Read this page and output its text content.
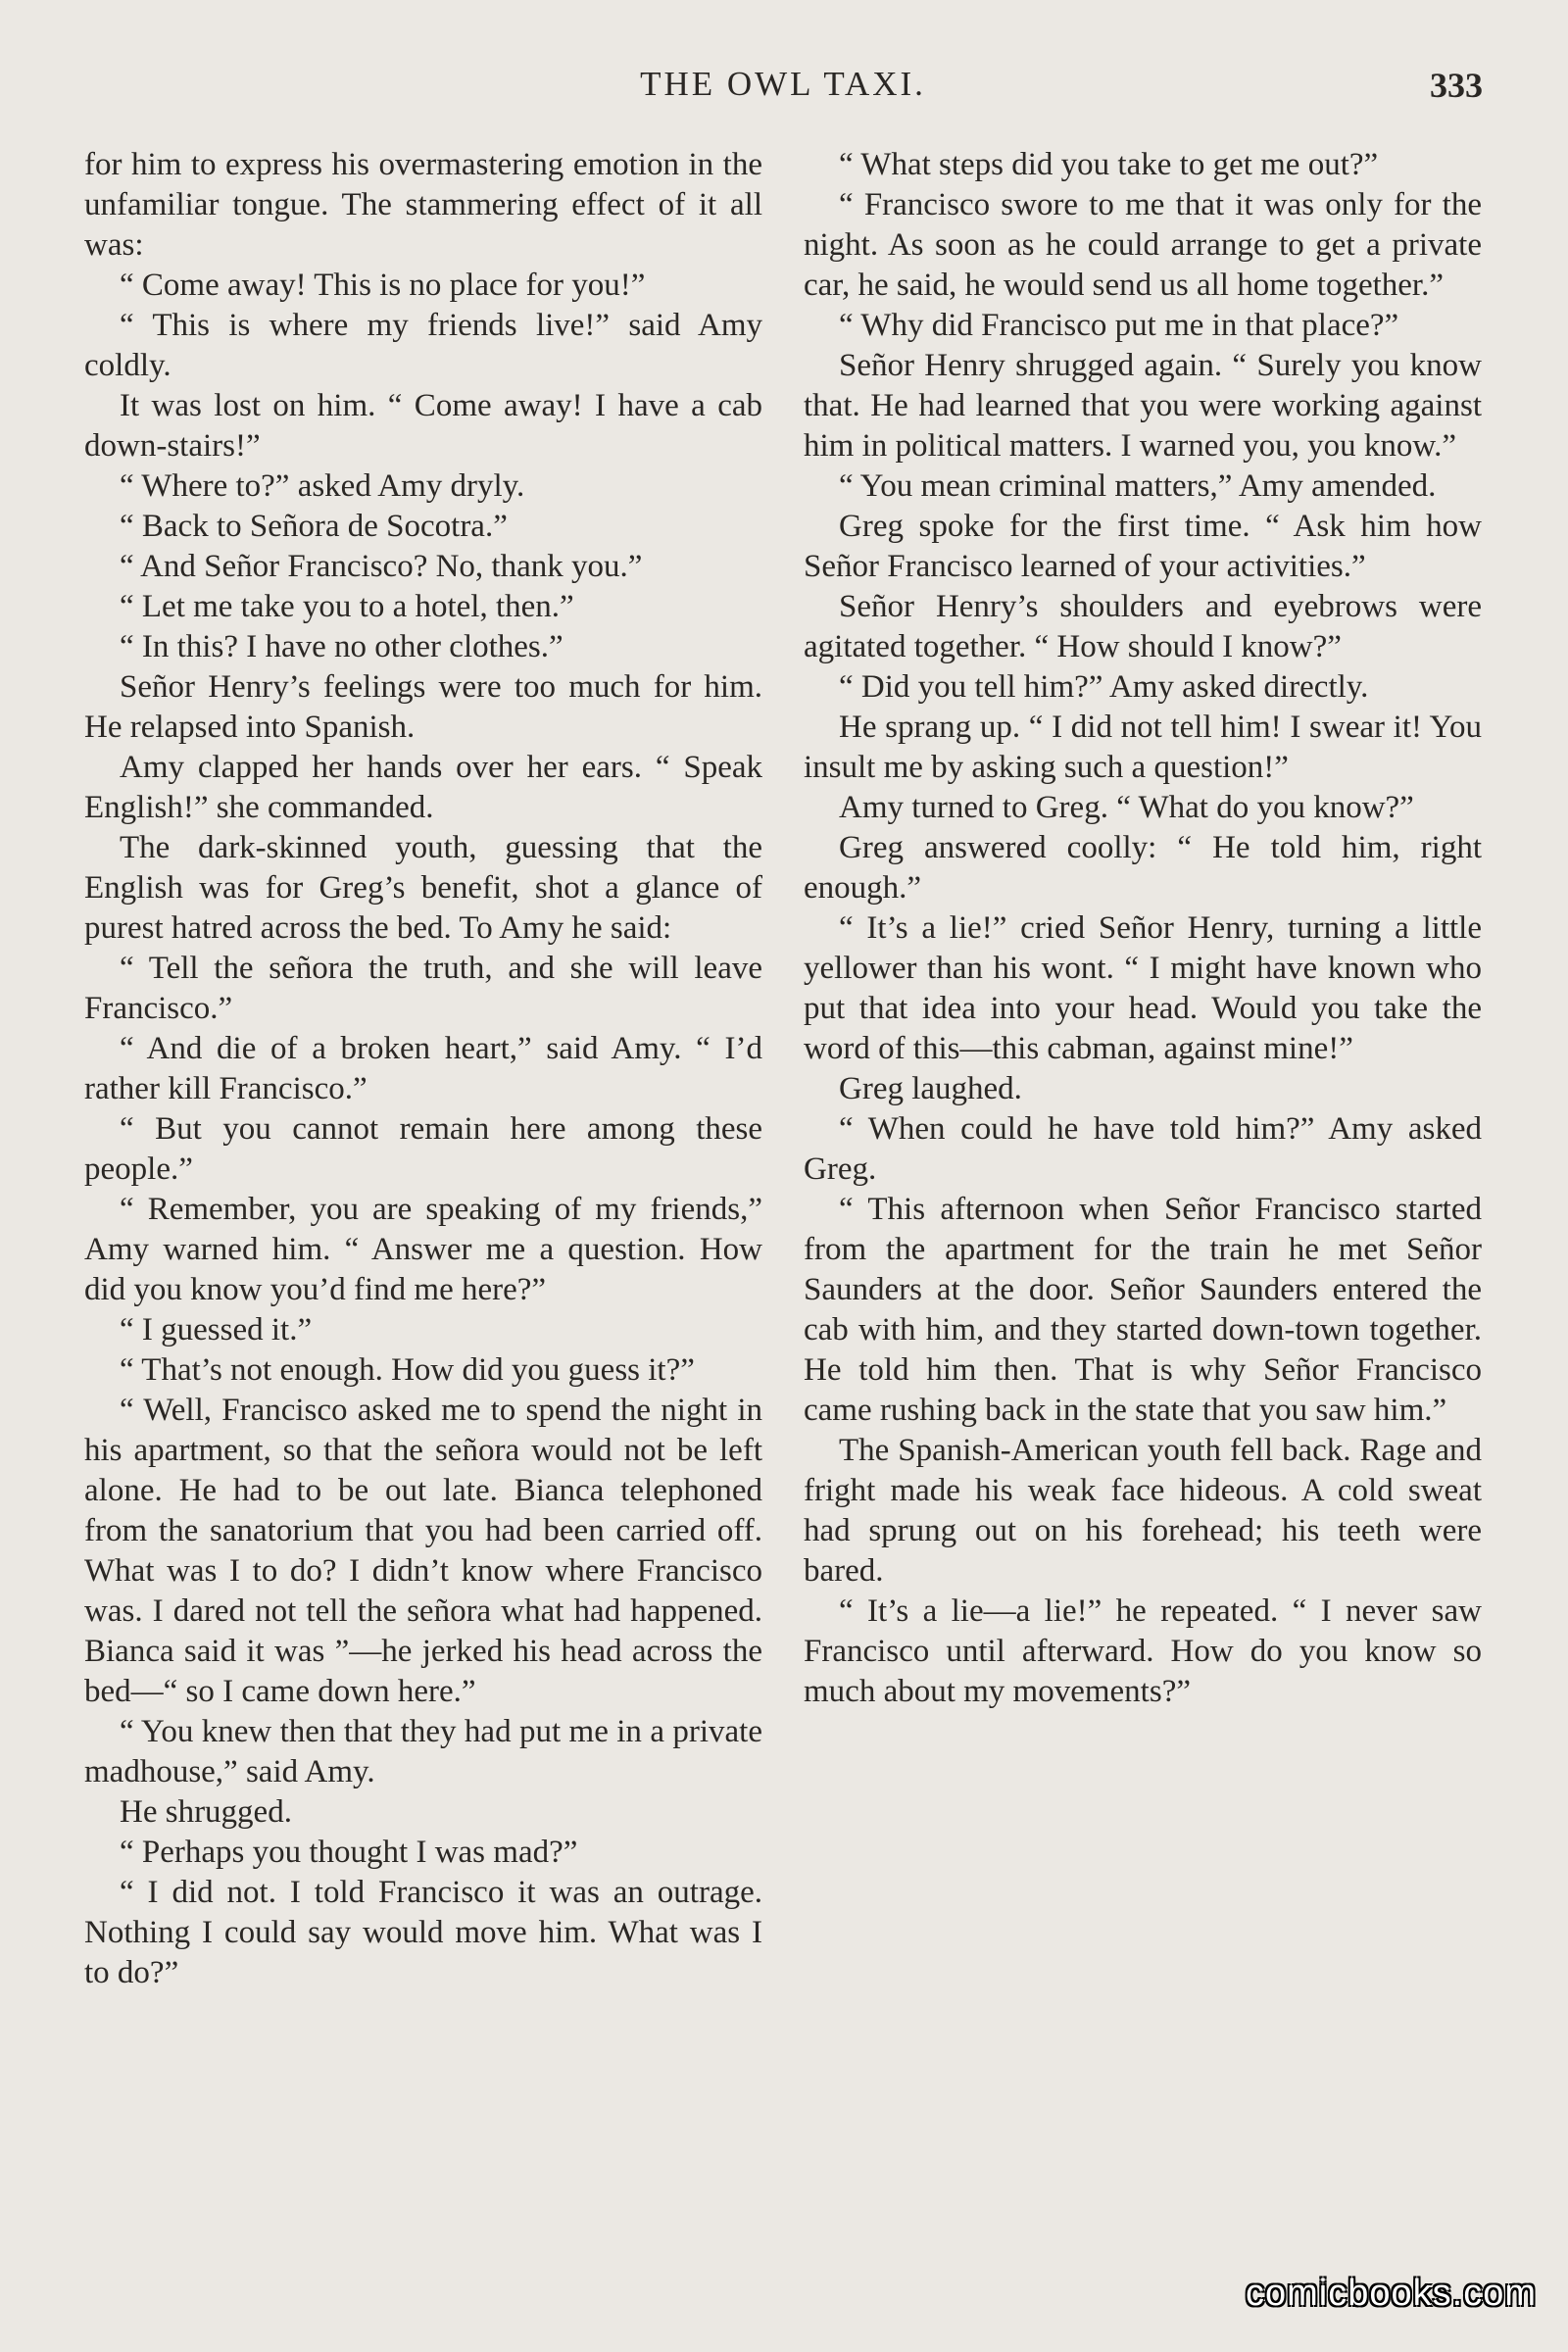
THE OWL TAXI.	333

for him to express his overmastering emotion in the unfamiliar tongue. The stammering effect of it all was:

“ Come away! This is no place for you!”

“ This is where my friends live!” said Amy coldly.

It was lost on him. “ Come away! I have a cab down-stairs!”

“ Where to?” asked Amy dryly.

“ Back to Señora de Socotra.”

“ And Señor Francisco? No, thank you.”

“ Let me take you to a hotel, then.”

“ In this? I have no other clothes.”

Señor Henry’s feelings were too much for him. He relapsed into Spanish.

Amy clapped her hands over her ears. “ Speak English!” she commanded.

The dark-skinned youth, guessing that the English was for Greg’s benefit, shot a glance of purest hatred across the bed. To Amy he said:

“ Tell the señora the truth, and she will leave Francisco.”

“ And die of a broken heart,” said Amy. “ I’d rather kill Francisco.”

“ But you cannot remain here among these people.”

“ Remember, you are speaking of my friends,” Amy warned him. “ Answer me a question. How did you know you’d find me here?”

“ I guessed it.”

“ That’s not enough. How did you guess it?”

“ Well, Francisco asked me to spend the night in his apartment, so that the señora would not be left alone. He had to be out late. Bianca telephoned from the sanatorium that you had been carried off. What was I to do? I didn’t know where Francisco was. I dared not tell the señora what had happened. Bianca said it was ”—he jerked his head across the bed—“ so I came down here.”

“ You knew then that they had put me in a private madhouse,” said Amy.

He shrugged.

“ Perhaps you thought I was mad?”

“ I did not. I told Francisco it was an outrage. Nothing I could say would move him. What was I to do?”

“ What steps did you take to get me out?”

“ Francisco swore to me that it was only for the night. As soon as he could arrange to get a private car, he said, he would send us all home together.”

“ Why did Francisco put me in that place?”

Señor Henry shrugged again. “ Surely you know that. He had learned that you were working against him in political matters. I warned you, you know.”

“ You mean criminal matters,” Amy amended.

Greg spoke for the first time. “ Ask him how Señor Francisco learned of your activities.”

Señor Henry’s shoulders and eyebrows were agitated together. “ How should I know?”

“ Did you tell him?” Amy asked directly.

He sprang up. “ I did not tell him! I swear it! You insult me by asking such a question!”

Amy turned to Greg. “ What do you know?”

Greg answered coolly: “ He told him, right enough.”

“ It’s a lie!” cried Señor Henry, turning a little yellower than his wont. “ I might have known who put that idea into your head. Would you take the word of this—this cabman, against mine!”

Greg laughed.

“ When could he have told him?” Amy asked Greg.

“ This afternoon when Señor Francisco started from the apartment for the train he met Señor Saunders at the door. Señor Saunders entered the cab with him, and they started down-town together. He told him then. That is why Señor Francisco came rushing back in the state that you saw him.”

The Spanish-American youth fell back. Rage and fright made his weak face hideous. A cold sweat had sprung out on his forehead; his teeth were bared.

“ It’s a lie—a lie!” he repeated. “ I never saw Francisco until afterward. How do you know so much about my movements?”

comicbooks.com
